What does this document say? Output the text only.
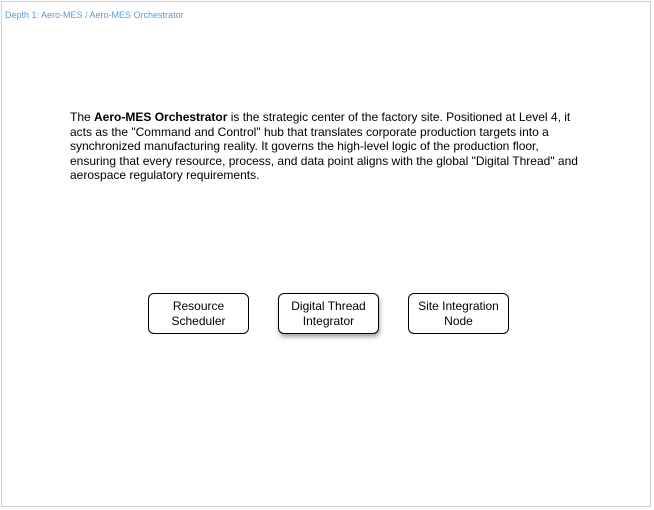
Depth 1: Aero-MES / Aero-MES Orchestrator
The Aero-MES Orchestrator is the strategic center of the factory site. Positioned at Level 4, it acts as the "Command and Control" hub that translates corporate production targets into a synchronized manufacturing reality. It governs the high-level logic of the production floor, ensuring that every resource, process, and data point aligns with the global "Digital Thread" and aerospace regulatory requirements.
Resource
Scheduler
Digital Thread
Integrator
Site Integration
Node
